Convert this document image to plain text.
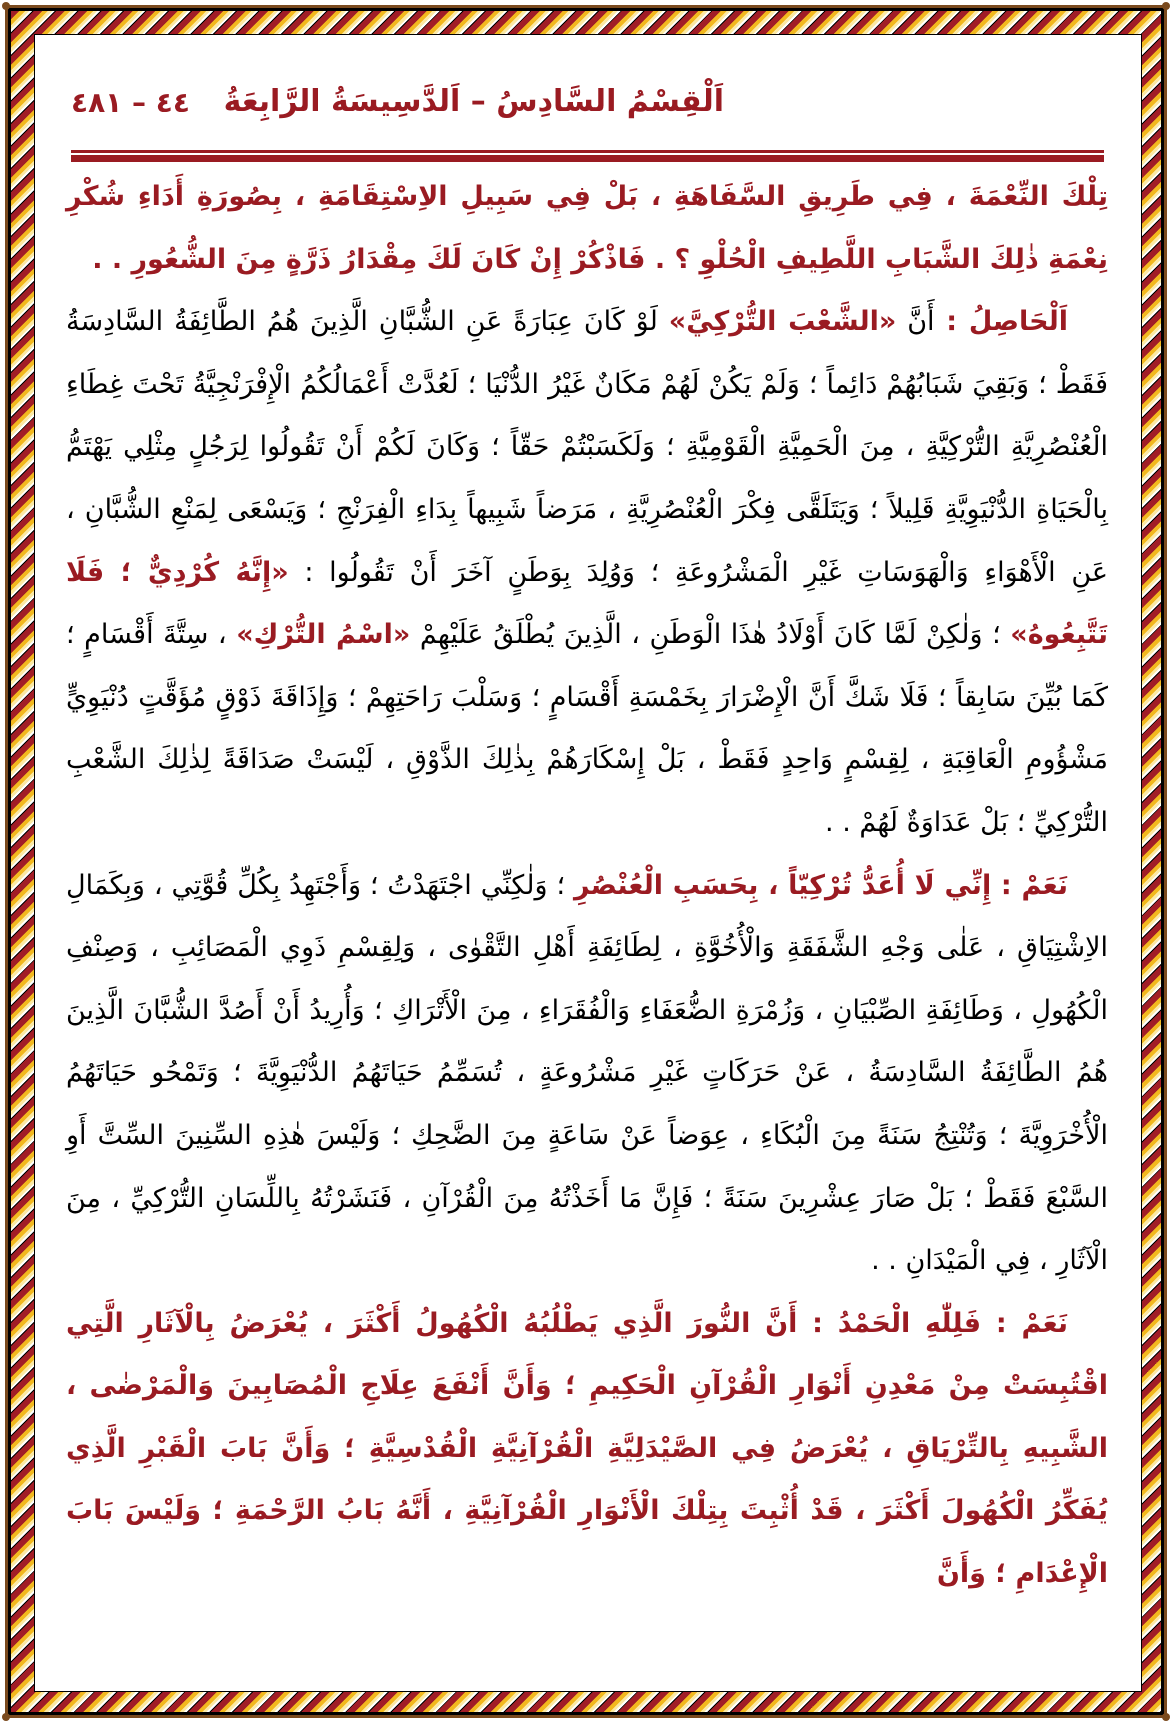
اَلْقِسْمُ السَّادِسُ – اَلدَّسِيسَةُ الرَّابِعَةُ
٤٤ – ٤٨١

تِلْكَ النِّعْمَةَ ، فِي طَرِيقِ السَّفَاهَةِ ، بَلْ فِي سَبِيلِ الاِسْتِقَامَةِ ، بِصُورَةِ أَدَاءِ شُكْرِ نِعْمَةِ ذٰلِكَ الشَّبَابِ اللَّطِيفِ الْحُلْوِ ؟ . فَاذْكُرْ إِنْ كَانَ لَكَ مِقْدَارُ ذَرَّةٍ مِنَ الشُّعُورِ . .

اَلْحَاصِلُ : أَنَّ «الشَّعْبَ التُّرْكِيَّ» لَوْ كَانَ عِبَارَةً عَنِ الشُّبَّانِ الَّذِينَ هُمُ الطَّائِفَةُ السَّادِسَةُ فَقَطْ ؛ وَبَقِيَ شَبَابُهُمْ دَائِماً ؛ وَلَمْ يَكُنْ لَهُمْ مَكَانٌ غَيْرُ الدُّنْيَا ؛ لَعُدَّتْ أَعْمَالُكُمُ الْإِفْرَنْجِيَّةُ تَحْتَ غِطَاءِ الْعُنْصُرِيَّةِ التُّرْكِيَّةِ ، مِنَ الْحَمِيَّةِ الْقَوْمِيَّةِ ؛ وَلَكَسَبْتُمْ حَقّاً ؛ وَكَانَ لَكُمْ أَنْ تَقُولُوا لِرَجُلٍ مِثْلِي يَهْتَمُّ بِالْحَيَاةِ الدُّنْيَوِيَّةِ قَلِيلاً ؛ وَيَتَلَقَّى فِكْرَ الْعُنْصُرِيَّةِ ، مَرَضاً شَبِيهاً بِدَاءِ الْفِرَنْجِ ؛ وَيَسْعَى لِمَنْعِ الشُّبَّانِ ، عَنِ الْأَهْوَاءِ وَالْهَوَسَاتِ غَيْرِ الْمَشْرُوعَةِ ؛ وَوُلِدَ بِوَطَنٍ آخَرَ أَنْ تَقُولُوا : «إِنَّهُ كُرْدِيٌّ ؛ فَلَا تَتَّبِعُوهُ» ؛ وَلٰكِنْ لَمَّا كَانَ أَوْلَادُ هٰذَا الْوَطَنِ ، الَّذِينَ يُطْلَقُ عَلَيْهِمْ «اسْمُ التُّرْكِ» ، سِتَّةَ أَقْسَامٍ ؛ كَمَا بُيِّنَ سَابِقاً ؛ فَلَا شَكَّ أَنَّ الْإِضْرَارَ بِخَمْسَةِ أَقْسَامٍ ؛ وَسَلْبَ رَاحَتِهِمْ ؛ وَإِذَاقَةَ ذَوْقٍ مُؤَقَّتٍ دُنْيَوِيٍّ مَشْؤُومِ الْعَاقِبَةِ ، لِقِسْمٍ وَاحِدٍ فَقَطْ ، بَلْ إِسْكَارَهُمْ بِذٰلِكَ الذَّوْقِ ، لَيْسَتْ صَدَاقَةً لِذٰلِكَ الشَّعْبِ التُّرْكِيِّ ؛ بَلْ عَدَاوَةٌ لَهُمْ . .

نَعَمْ : إِنِّي لَا أُعَدُّ تُرْكِيّاً ، بِحَسَبِ الْعُنْصُرِ ؛ وَلٰكِنِّي اجْتَهَدْتُ ؛ وَأَجْتَهِدُ بِكُلِّ قُوَّتِي ، وَبِكَمَالِ الاِشْتِيَاقِ ، عَلٰى وَجْهِ الشَّفَقَةِ وَالْأُخُوَّةِ ، لِطَائِفَةِ أَهْلِ التَّقْوٰى ، وَلِقِسْمِ ذَوِي الْمَصَائِبِ ، وَصِنْفِ الْكُهُولِ ، وَطَائِفَةِ الصِّبْيَانِ ، وَزُمْرَةِ الضُّعَفَاءِ وَالْفُقَرَاءِ ، مِنَ الْأَتْرَاكِ ؛ وَأُرِيدُ أَنْ أَصُدَّ الشُّبَّانَ الَّذِينَ هُمُ الطَّائِفَةُ السَّادِسَةُ ، عَنْ حَرَكَاتٍ غَيْرِ مَشْرُوعَةٍ ، تُسَمِّمُ حَيَاتَهُمُ الدُّنْيَوِيَّةَ ؛ وَتَمْحُو حَيَاتَهُمُ الْأُخْرَوِيَّةَ ؛ وَتُنْتِجُ سَنَةً مِنَ الْبُكَاءِ ، عِوَضاً عَنْ سَاعَةٍ مِنَ الضَّحِكِ ؛ وَلَيْسَ هٰذِهِ السِّنِينَ السِّتَّ أَوِ السَّبْعَ فَقَطْ ؛ بَلْ صَارَ عِشْرِينَ سَنَةً ؛ فَإِنَّ مَا أَخَذْتُهُ مِنَ الْقُرْآنِ ، فَنَشَرْتُهُ بِاللِّسَانِ التُّرْكِيِّ ، مِنَ الْآثَارِ ، فِي الْمَيْدَانِ . .

نَعَمْ : فَلِلّٰهِ الْحَمْدُ : أَنَّ النُّورَ الَّذِي يَطْلُبُهُ الْكُهُولُ أَكْثَرَ ، يُعْرَضُ بِالْآثَارِ الَّتِي اقْتُبِسَتْ مِنْ مَعْدِنِ أَنْوَارِ الْقُرْآنِ الْحَكِيمِ ؛ وَأَنَّ أَنْفَعَ عِلَاجِ الْمُصَابِينَ وَالْمَرْضٰى ، الشَّبِيهِ بِالتِّرْيَاقِ ، يُعْرَضُ فِي الصَّيْدَلِيَّةِ الْقُرْآنِيَّةِ الْقُدْسِيَّةِ ؛ وَأَنَّ بَابَ الْقَبْرِ الَّذِي يُفَكِّرُ الْكُهُولَ أَكْثَرَ ، قَدْ أُثْبِتَ بِتِلْكَ الْأَنْوَارِ الْقُرْآنِيَّةِ ، أَنَّهُ بَابُ الرَّحْمَةِ ؛ وَلَيْسَ بَابَ الْإِعْدَامِ ؛ وَأَنَّ
